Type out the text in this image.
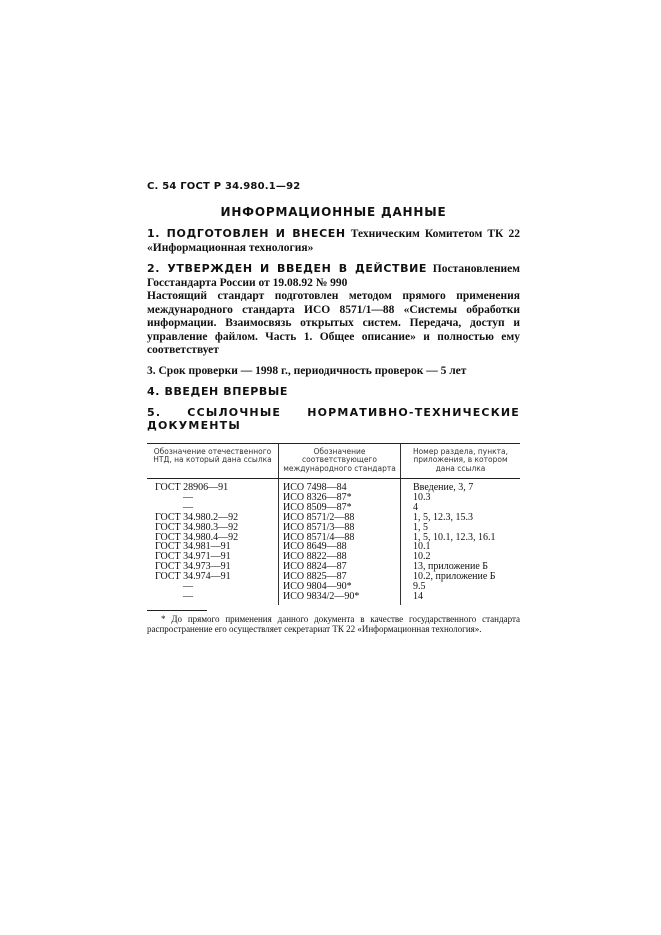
С. 54 ГОСТ Р 34.980.1—92
ИНФОРМАЦИОННЫЕ ДАННЫЕ
1. ПОДГОТОВЛЕН И ВНЕСЕН Техническим Комитетом ТК 22 «Информационная технология»
2. УТВЕРЖДЕН И ВВЕДЕН В ДЕЙСТВИЕ Постановлением Госстандарта России от 19.08.92 № 990
Настоящий стандарт подготовлен методом прямого применения международного стандарта ИСО 8571/1—88 «Системы обработки информации. Взаимосвязь открытых систем. Передача, доступ и управление файлом. Часть 1. Общее описание» и полностью ему соответствует
3. Срок проверки — 1998 г., периодичность проверок — 5 лет
4. ВВЕДЕН ВПЕРВЫЕ
5. ССЫЛОЧНЫЕ НОРМАТИВНО-ТЕХНИЧЕСКИЕ ДОКУМЕНТЫ
Обозначение отечественного НТД, на который дана ссылка
Обозначение соответствующего международного стандарта
Номер раздела, пункта, приложения, в котором дана ссылка
ГОСТ 28906—91
—
—
ГОСТ 34.980.2—92
ГОСТ 34.980.3—92
ГОСТ 34.980.4—92
ГОСТ 34.981—91
ГОСТ 34.971—91
ГОСТ 34.973—91
ГОСТ 34.974—91
—
—
ИСО 7498—84
ИСО 8326—87*
ИСО 8509—87*
ИСО 8571/2—88
ИСО 8571/3—88
ИСО 8571/4—88
ИСО 8649—88
ИСО 8822—88
ИСО 8824—87
ИСО 8825—87
ИСО 9804—90*
ИСО 9834/2—90*
Введение, 3, 7
10.3
4
1, 5, 12.3, 15.3
1, 5
1, 5, 10.1, 12.3, 16.1
10.1
10.2
13, приложение Б
10.2, приложение Б
9.5
14
* До прямого применения данного документа в качестве государственного стандарта распространение его осуществляет секретариат ТК 22 «Информационная технология».
